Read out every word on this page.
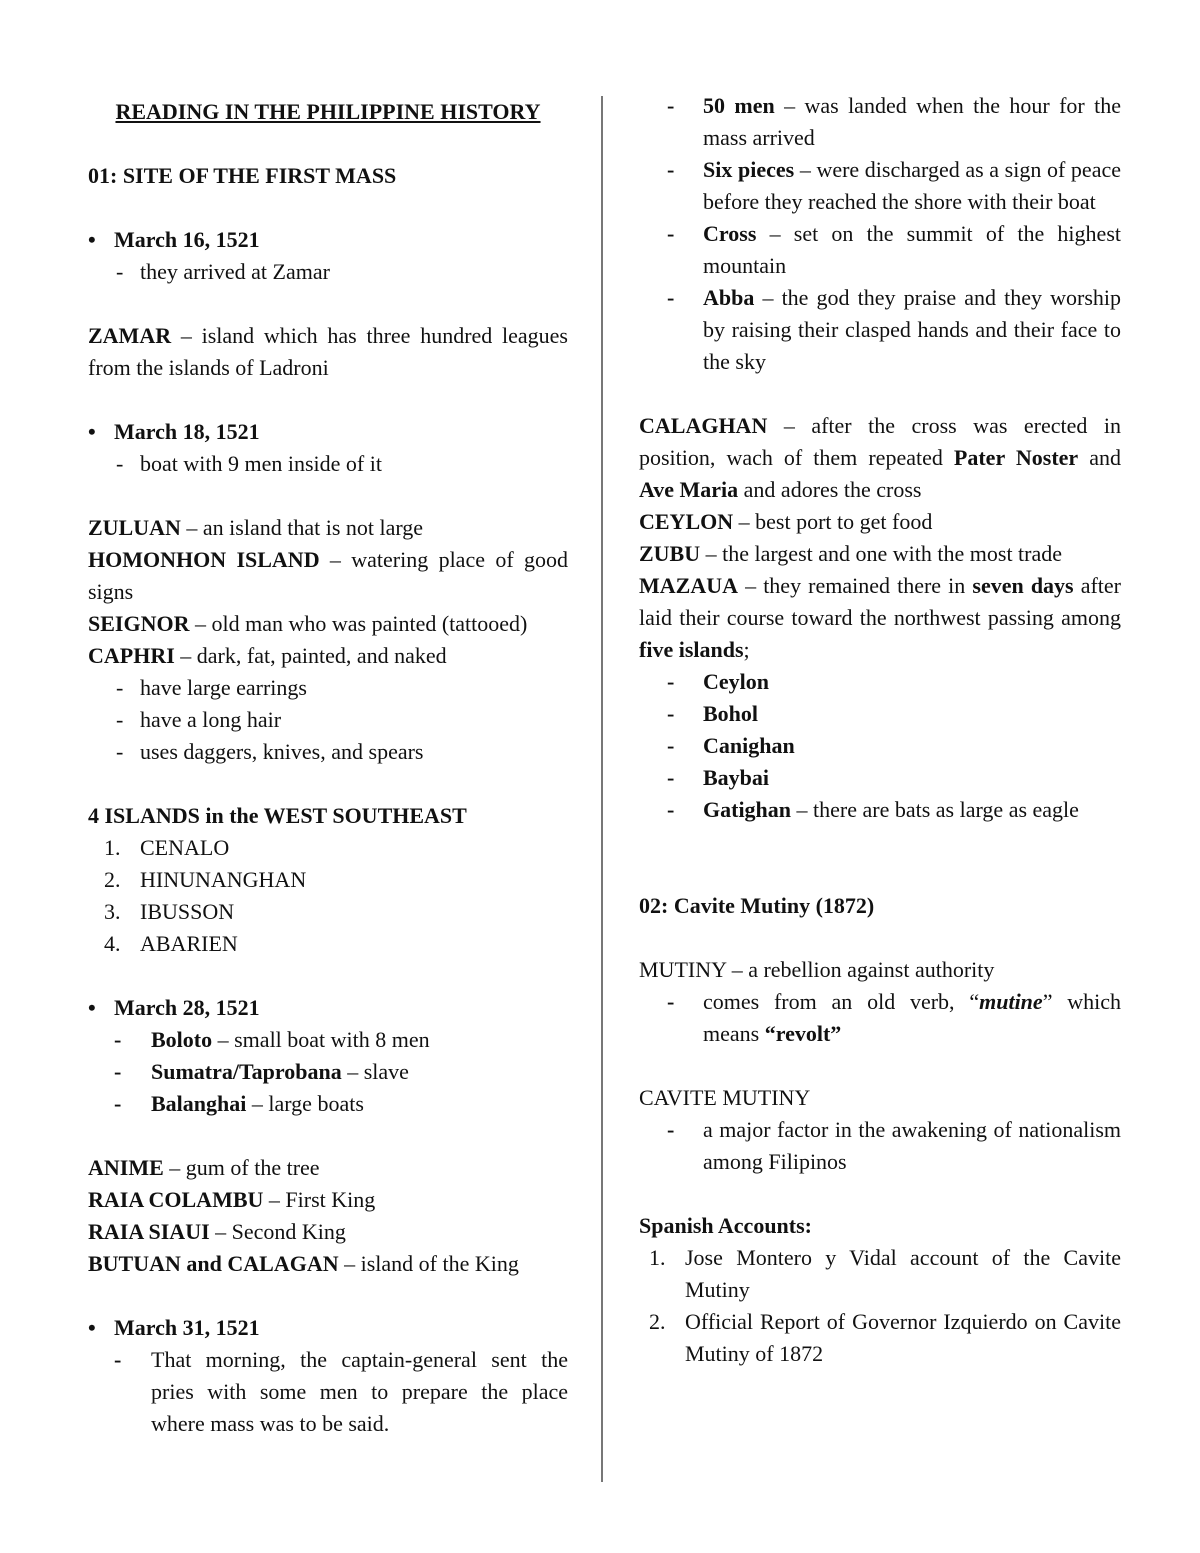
READING IN THE PHILIPPINE HISTORY
01: SITE OF THE FIRST MASS
• March 16, 1521
- they arrived at Zamar
ZAMAR – island which has three hundred leagues from the islands of Ladroni
• March 18, 1521
- boat with 9 men inside of it
ZULUAN – an island that is not large
HOMONHON ISLAND – watering place of good signs
SEIGNOR – old man who was painted (tattooed)
CAPHRI – dark, fat, painted, and naked
- have large earrings
- have a long hair
- uses daggers, knives, and spears
4 ISLANDS in the WEST SOUTHEAST
1. CENALO
2. HINUNANGHAN
3. IBUSSON
4. ABARIEN
• March 28, 1521
- Boloto – small boat with 8 men
- Sumatra/Taprobana – slave
- Balanghai – large boats
ANIME – gum of the tree
RAIA COLAMBU – First King
RAIA SIAUI – Second King
BUTUAN and CALAGAN – island of the King
• March 31, 1521
- That morning, the captain-general sent the pries with some men to prepare the place where mass was to be said.
- 50 men – was landed when the hour for the mass arrived
- Six pieces – were discharged as a sign of peace before they reached the shore with their boat
- Cross – set on the summit of the highest mountain
- Abba – the god they praise and they worship by raising their clasped hands and their face to the sky
CALAGHAN – after the cross was erected in position, wach of them repeated Pater Noster and Ave Maria and adores the cross
CEYLON – best port to get food
ZUBU – the largest and one with the most trade
MAZAUA – they remained there in seven days after laid their course toward the northwest passing among five islands;
- Ceylon
- Bohol
- Canighan
- Baybai
- Gatighan – there are bats as large as eagle
02: Cavite Mutiny (1872)
MUTINY – a rebellion against authority
- comes from an old verb, “mutine” which means “revolt”
CAVITE MUTINY
- a major factor in the awakening of nationalism among Filipinos
Spanish Accounts:
1. Jose Montero y Vidal account of the Cavite Mutiny
2. Official Report of Governor Izquierdo on Cavite Mutiny of 1872
